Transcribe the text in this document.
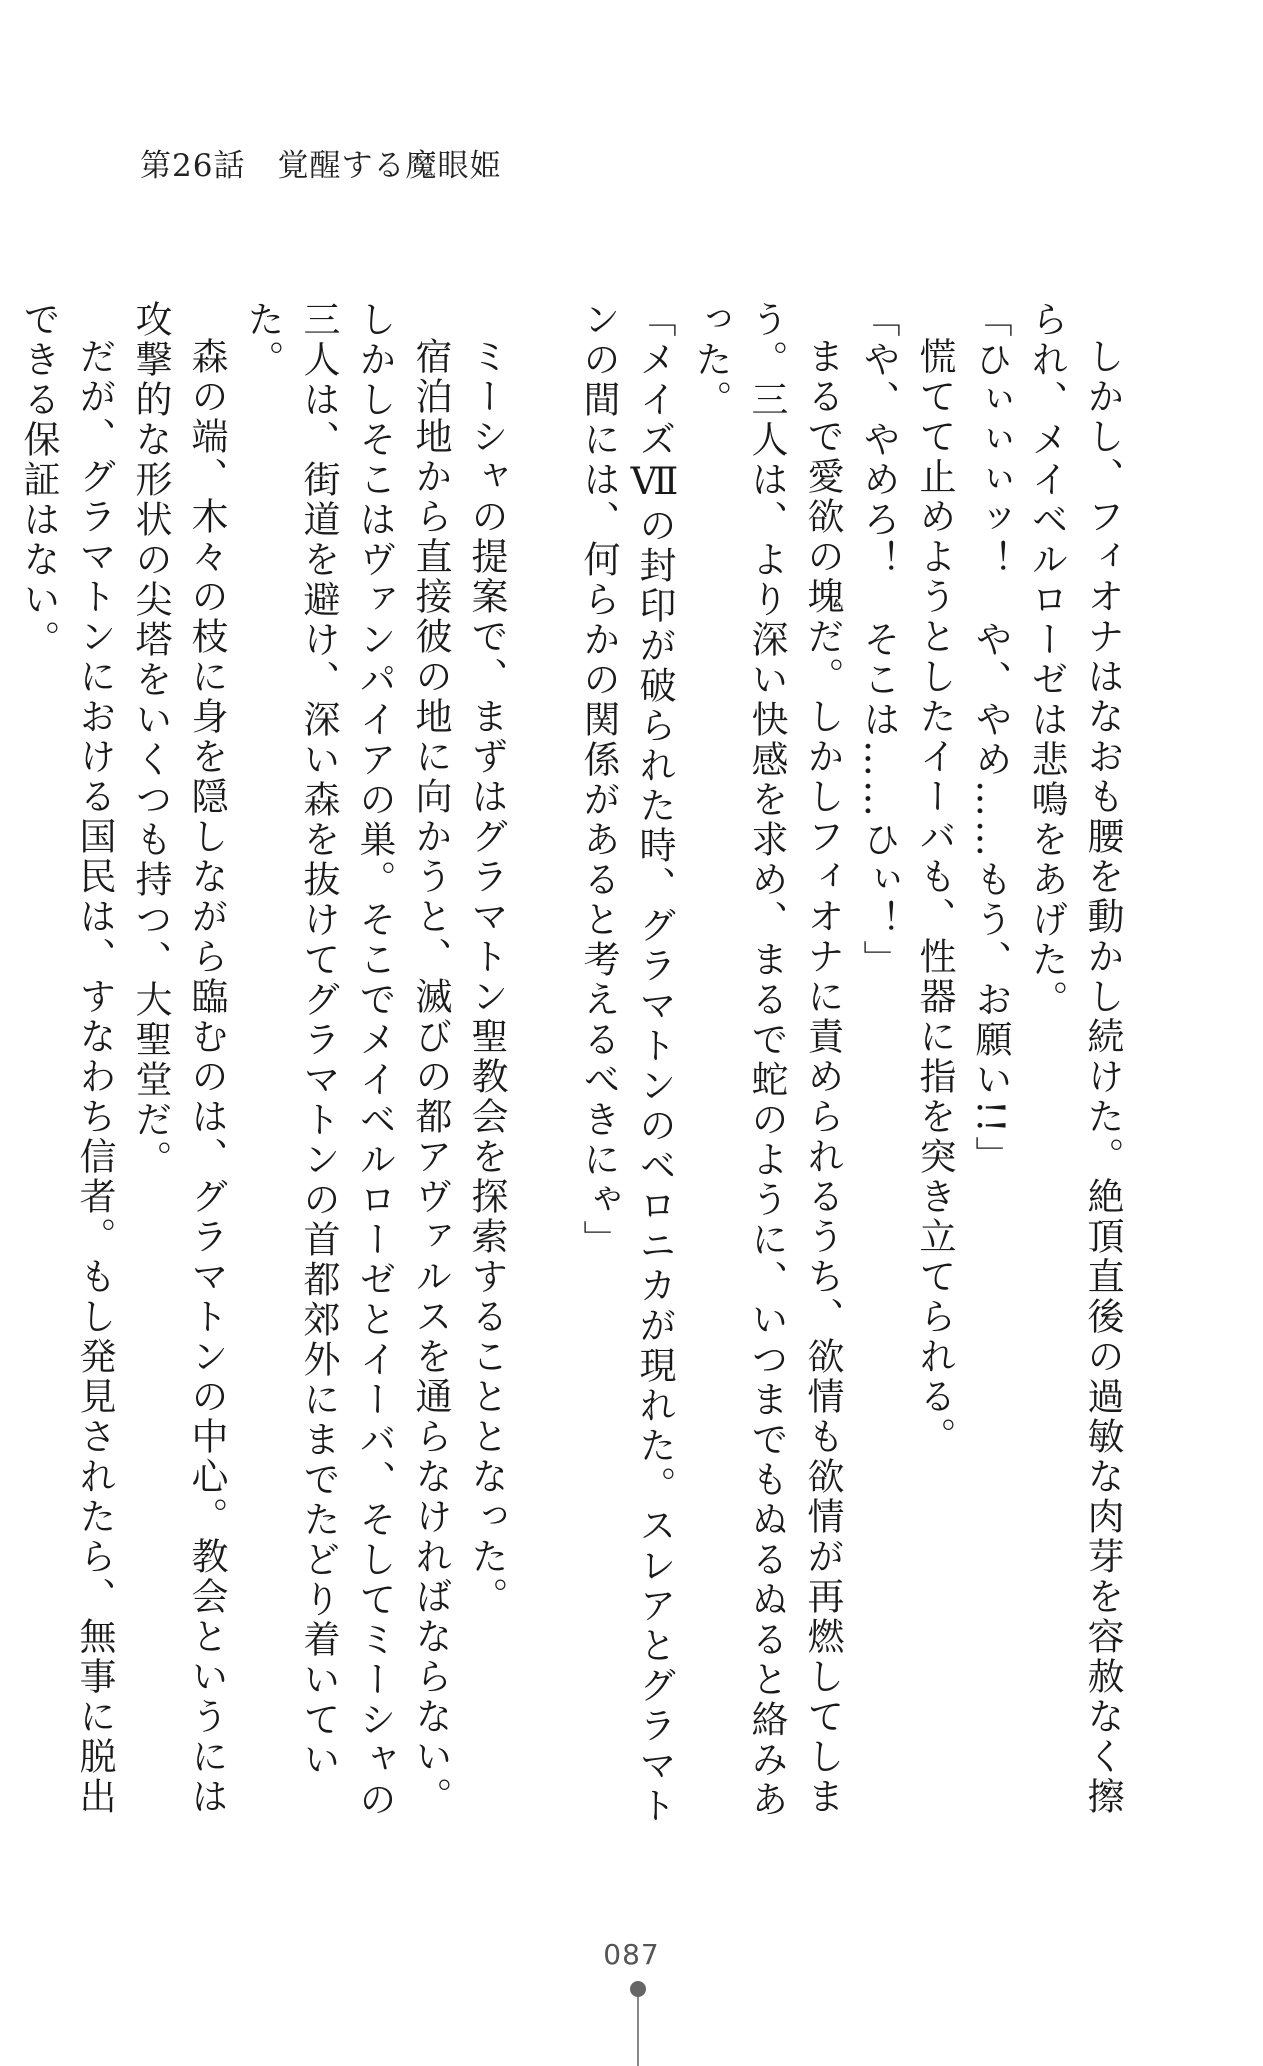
第26話　覚醒する魔眼姫

しかし、フィオナはなおも腰を動かし続けた。絶頂直後の過敏な肉芽を容赦なく擦られ、メイベルローゼは悲鳴をあげた。

「ひぃぃぃッ！　や、やめ……もう、お願い!!」

慌てて止めようとしたイーバも、性器に指を突き立てられる。

「や、やめろ！　そこは……ひぃ！」

まるで愛欲の塊だ。しかしフィオナに責められるうち、欲情も欲情が再燃してしまう。三人は、より深い快感を求め、まるで蛇のように、いつまでもぬるぬると絡みあった。

「メイズⅦの封印が破られた時、グラマトンのベロニカが現れた。スレアとグラマトンの間には、何らかの関係があると考えるべきにゃ」

ミーシャの提案で、まずはグラマトン聖教会を探索することとなった。

宿泊地から直接彼の地に向かうと、滅びの都アヴァルスを通らなければならない。しかしそこはヴァンパイアの巣。そこでメイベルローゼとイーバ、そしてミーシャの三人は、街道を避け、深い森を抜けてグラマトンの首都郊外にまでたどり着いていた。

森の端、木々の枝に身を隠しながら臨むのは、グラマトンの中心。教会というには攻撃的な形状の尖塔をいくつも持つ、大聖堂だ。

だが、グラマトンにおける国民は、すなわち信者。もし発見されたら、無事に脱出できる保証はない。

087
